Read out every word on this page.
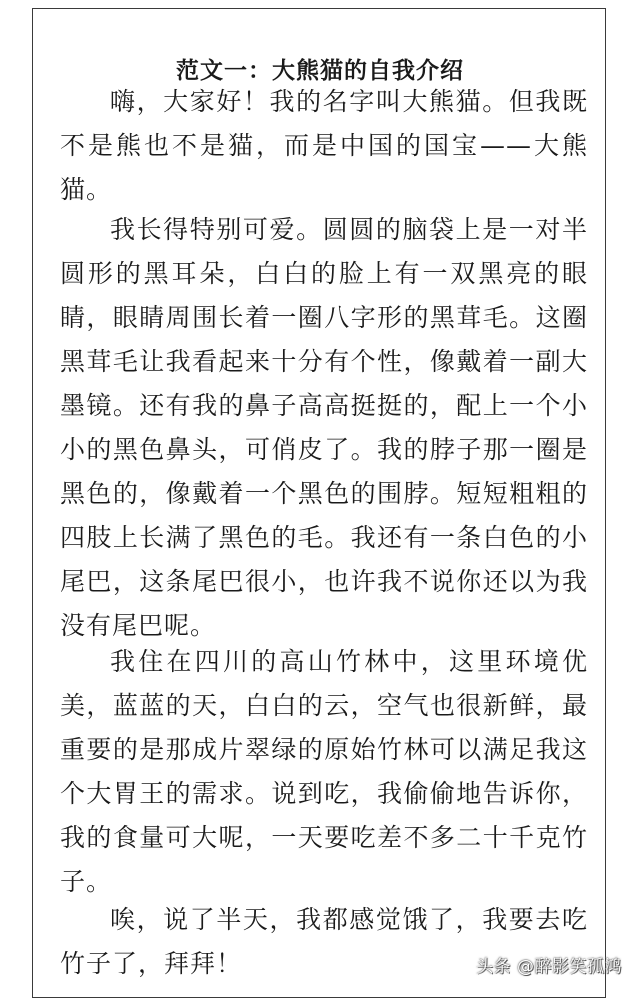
范文一：大熊猫的自我介绍

嗨，大家好！我的名字叫大熊猫。但我既不是熊也不是猫，而是中国的国宝——大熊猫。

我长得特别可爱。圆圆的脑袋上是一对半圆形的黑耳朵，白白的脸上有一双黑亮的眼睛，眼睛周围长着一圈八字形的黑茸毛。这圈黑茸毛让我看起来十分有个性，像戴着一副大墨镜。还有我的鼻子高高挺挺的，配上一个小小的黑色鼻头，可俏皮了。我的脖子那一圈是黑色的，像戴着一个黑色的围脖。短短粗粗的四肢上长满了黑色的毛。我还有一条白色的小尾巴，这条尾巴很小，也许我不说你还以为我没有尾巴呢。

我住在四川的高山竹林中，这里环境优美，蓝蓝的天，白白的云，空气也很新鲜，最重要的是那成片翠绿的原始竹林可以满足我这个大胃王的需求。说到吃，我偷偷地告诉你，我的食量可大呢，一天要吃差不多二十千克竹子。

唉，说了半天，我都感觉饿了，我要去吃竹子了，拜拜！	头条 @醉影笑孤鸿
